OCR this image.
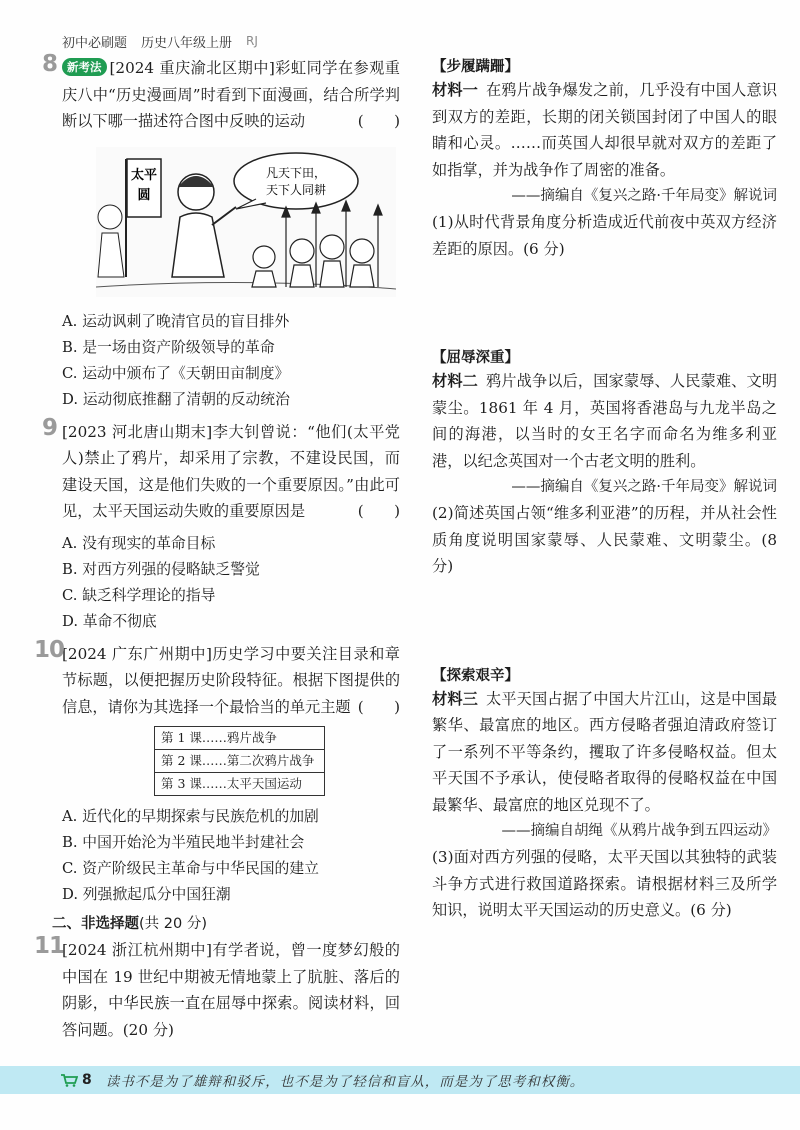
初中必刷题 历史八年级上册 RJ
8 新考法 [2024 重庆渝北区期中]彩虹同学在参观重庆八中“历史漫画周”时看到下面漫画，结合所学判断以下哪一描述符合图中反映的运动	(　　)
太平
圆
凡天下田，
天下人同耕
A. 运动讽刺了晚清官员的盲目排外
B. 是一场由资产阶级领导的革命
C. 运动中颁布了《天朝田亩制度》
D. 运动彻底推翻了清朝的反动统治
9 [2023 河北唐山期末]李大钊曾说：“他们(太平党人)禁止了鸦片，却采用了宗教，不建设民国，而建设天国，这是他们失败的一个重要原因。”由此可见，太平天国运动失败的重要原因是	(　　)
A. 没有现实的革命目标
B. 对西方列强的侵略缺乏警觉
C. 缺乏科学理论的指导
D. 革命不彻底
10
[2024 广东广州期中]历史学习中要关注目录和章节标题，以便把握历史阶段特征。根据下图提供的信息，请你为其选择一个最恰当的单元主题 (　　)
第 1 课……鸦片战争
第 2 课……第二次鸦片战争
第 3 课……太平天国运动
A. 近代化的早期探索与民族危机的加剧
B. 中国开始沦为半殖民地半封建社会
C. 资产阶级民主革命与中华民国的建立
D. 列强掀起瓜分中国狂潮
二、非选择题(共 20 分)
11
[2024 浙江杭州期中]有学者说，曾一度梦幻般的中国在 19 世纪中期被无情地蒙上了肮脏、落后的阴影，中华民族一直在屈辱中探索。阅读材料，回答问题。(20 分)
【步履蹒跚】
材料一 在鸦片战争爆发之前，几乎没有中国人意识到双方的差距，长期的闭关锁国封闭了中国人的眼睛和心灵。……而英国人却很早就对双方的差距了如指掌，并为战争作了周密的准备。
——摘编自《复兴之路·千年局变》解说词
(1)从时代背景角度分析造成近代前夜中英双方经济差距的原因。(6 分)
【屈辱深重】
材料二 鸦片战争以后，国家蒙辱、人民蒙难、文明蒙尘。1861 年 4 月，英国将香港岛与九龙半岛之间的海港，以当时的女王名字而命名为维多利亚港，以纪念英国对一个古老文明的胜利。
——摘编自《复兴之路·千年局变》解说词
(2)简述英国占领“维多利亚港”的历程，并从社会性质角度说明国家蒙辱、人民蒙难、文明蒙尘。(8 分)
【探索艰辛】
材料三 太平天国占据了中国大片江山，这是中国最繁华、最富庶的地区。西方侵略者强迫清政府签订了一系列不平等条约，攫取了许多侵略权益。但太平天国不予承认，使侵略者取得的侵略权益在中国最繁华、最富庶的地区兑现不了。
——摘编自胡绳《从鸦片战争到五四运动》
(3)面对西方列强的侵略，太平天国以其独特的武装斗争方式进行救国道路探索。请根据材料三及所学知识，说明太平天国运动的历史意义。(6 分)
8 读书不是为了雄辩和驳斥，也不是为了轻信和盲从，而是为了思考和权衡。
